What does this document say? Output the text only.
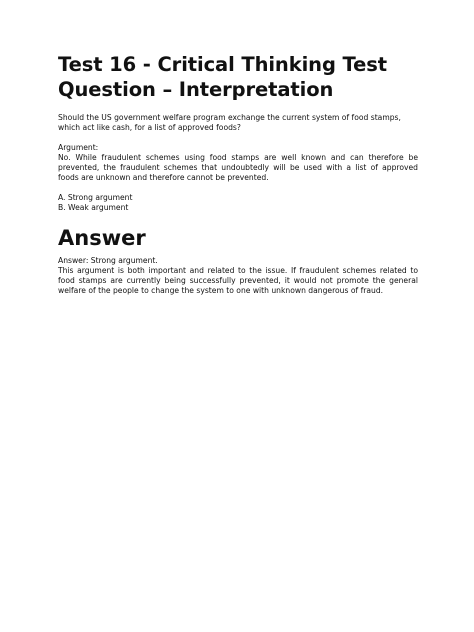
Test 16 - Critical Thinking Test
Question – Interpretation

Should the US government welfare program exchange the current system of food stamps, which act like cash, for a list of approved foods?

Argument:

No. While fraudulent schemes using food stamps are well known and can therefore be prevented, the fraudulent schemes that undoubtedly will be used with a list of approved foods are unknown and therefore cannot be prevented.

A. Strong argument

B. Weak argument

Answer

Answer: Strong argument.

This argument is both important and related to the issue. If fraudulent schemes related to food stamps are currently being successfully prevented, it would not promote the general welfare of the people to change the system to one with unknown dangerous of fraud.
